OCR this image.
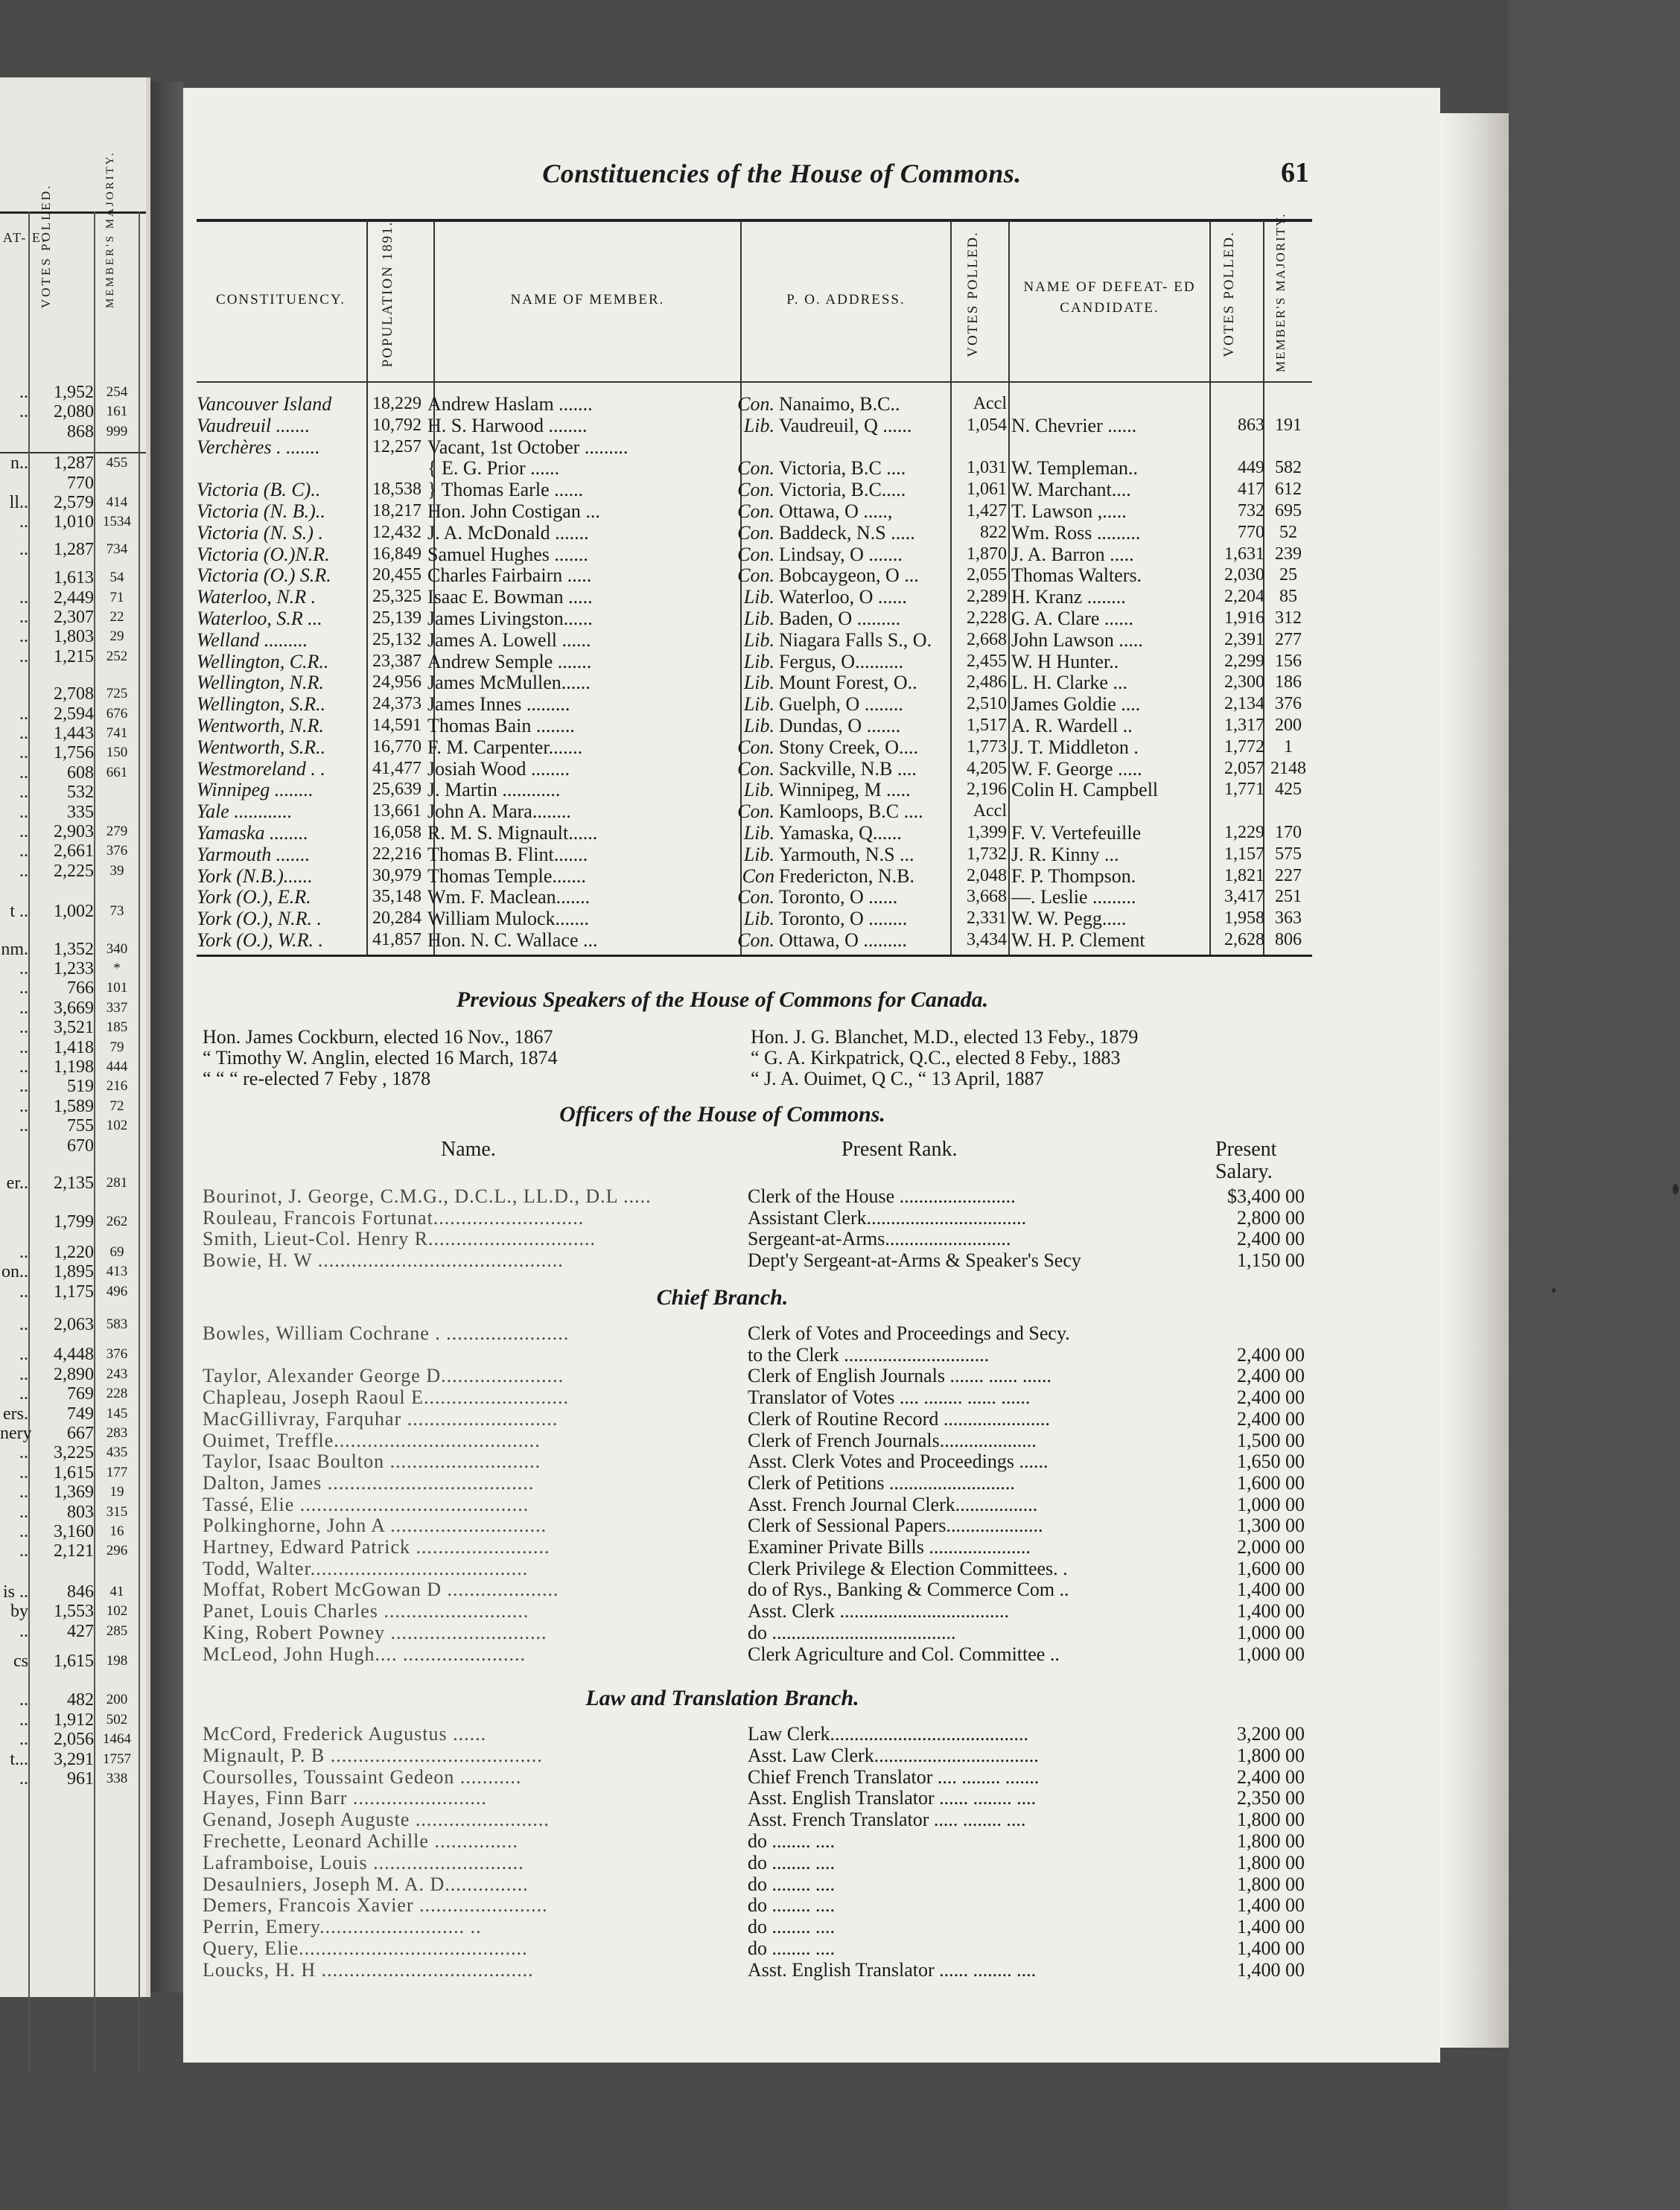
AT- E.
VOTES POLLED.	MEMBER'S MAJORITY.
..	1,952 254
..	2,080 161
868 999
n..	1,287 455
770
ll..	2,579 414
..	1,010 1534
..	1,287 734
1,613	54
..	2,449	71
..	2,307	22
..	1,803	29
..	1,215 252
2,708 725
..	2,594 676
..	1,443 741
..	1,756 150
..	608 661
..	532
..	335
..	2,903 279
..	2,661 376
..	2,225	39
t ..	1,002	73
nm.	1,352 340
..	1,233	*
..	766 101
..	3,669 337
..	3,521 185
..	1,418	79
..	1,198 444
..	519 216
..	1,589	72
..	755 102
670
er..	2,135 281
1,799 262
..	1,220	69
on..	1,895 413
..	1,175 496
..	2,063 583
..	4,448 376
..	2,890 243
..	769 228
ers.	749 145
nery	667 283
..	3,225 435
..	1,615 177
..	1,369	19
..	803 315
..	3,160	16
..	2,121 296
is ..	846	41
by	1,553 102
..	427 285
cs	1,615 198
..	482 200
..	1,912 502
..	2,056 1464
t...	3,291 1757
..	961 338
Constituencies of the House of Commons.	61
CONSTITUENCY.	POPULATION 1891.	NAME OF MEMBER.	P. O. ADDRESS.	VOTES POLLED.	NAME OF DEFEAT- ED CANDIDATE.	VOTES POLLED.	MEMBER'S MAJORITY.
Vancouver Island	18,229 Andrew Haslam .......	Con. Nanaimo, B.C..	Accl
Vaudreuil .......	10,792 H. S. Harwood ........	Lib. Vaudreuil, Q ......	1,054 N. Chevrier ......	863 191
Verchères . .......	12,257 Vacant, 1st October .........
{ E. G. Prior ......	Con. Victoria, B.C ....	1,031 W. Templeman..	449 582
Victoria (B. C)..	18,538 } Thomas Earle ......	Con. Victoria, B.C.....	1,061 W. Marchant....	417 612
Victoria (N. B.)..	18,217 Hon. John Costigan ...	Con. Ottawa, O .....,	1,427 T. Lawson ,.....	732 695
Victoria (N. S.) .	12,432 J. A. McDonald .......	Con. Baddeck, N.S .....	822 Wm. Ross .........	770 52
Victoria (O.)N.R.	16,849 Samuel Hughes .......	Con. Lindsay, O .......	1,870 J. A. Barron .....	1,631 239
Victoria (O.) S.R.	20,455 Charles Fairbairn .....	Con. Bobcaygeon, O ...	2,055 Thomas Walters.	2,030 25
Waterloo, N.R .	25,325 Isaac E. Bowman .....	Lib. Waterloo, O ......	2,289 H. Kranz ........	2,204 85
Waterloo, S.R ...	25,139 James Livingston......	Lib. Baden, O .........	2,228 G. A. Clare ......	1,916 312
Welland .........	25,132 James A. Lowell ......	Lib. Niagara Falls S., O.	2,668 John Lawson .....	2,391 277
Wellington, C.R..	23,387 Andrew Semple .......	Lib. Fergus, O..........	2,455 W. H Hunter..	2,299 156
Wellington, N.R.	24,956 James McMullen......	Lib. Mount Forest, O..	2,486 L. H. Clarke ...	2,300 186
Wellington, S.R..	24,373 James Innes .........	Lib. Guelph, O ........	2,510 James Goldie ....	2,134 376
Wentworth, N.R.	14,591 Thomas Bain ........	Lib. Dundas, O .......	1,517 A. R. Wardell ..	1,317 200
Wentworth, S.R..	16,770 F. M. Carpenter.......	Con. Stony Creek, O....	1,773 J. T. Middleton .	1,772	1
Westmoreland . .	41,477 Josiah Wood ........	Con. Sackville, N.B ....	4,205 W. F. George .....	2,057 2148
Winnipeg ........	25,639 J. Martin ............	Lib. Winnipeg, M .....	2,196 Colin H. Campbell	1,771 425
Yale ............	13,661 John A. Mara........	Con. Kamloops, B.C ....	Accl
Yamaska ........	16,058 R. M. S. Mignault......	Lib. Yamaska, Q......	1,399 F. V. Vertefeuille	1,229 170
Yarmouth .......	22,216 Thomas B. Flint.......	Lib. Yarmouth, N.S ...	1,732 J. R. Kinny ...	1,157 575
York (N.B.)......	30,979 Thomas Temple.......	Con Fredericton, N.B.	2,048 F. P. Thompson.	1,821 227
York (O.), E.R.	35,148 Wm. F. Maclean.......	Con. Toronto, O ......	3,668 —. Leslie .........	3,417 251
York (O.), N.R. .	20,284 William Mulock.......	Lib. Toronto, O ........	2,331 W. W. Pegg.....	1,958 363
York (O.), W.R. .	41,857 Hon. N. C. Wallace ...	Con. Ottawa, O .........	3,434 W. H. P. Clement	2,628 806
Previous Speakers of the House of Commons for Canada.
Hon. James Cockburn, elected 16 Nov., 1867	Hon. J. G. Blanchet, M.D., elected 13 Feby., 1879
“ Timothy W. Anglin, elected 16 March, 1874	“ G. A. Kirkpatrick, Q.C., elected 8 Feby., 1883
“ “ “ re-elected 7 Feby , 1878	“ J. A. Ouimet, Q C., “ 13 April, 1887
Officers of the House of Commons.
Name.	Present Rank.	Present
Salary.
Bourinot, J. George, C.M.G., D.C.L., LL.D., D.L .....	Clerk of the House ........................	$3,400 00
Rouleau, Francois Fortunat...........................	Assistant Clerk.................................	2,800 00
Smith, Lieut-Col. Henry R..............................	Sergeant-at-Arms..........................	2,400 00
Bowie, H. W ............................................	Dept'y Sergeant-at-Arms & Speaker's Secy	1,150 00
Chief Branch.
Bowles, William Cochrane . ......................	Clerk of Votes and Proceedings and Secy.
to the Clerk ..............................	2,400 00
Taylor, Alexander George D......................	Clerk of English Journals ....... ...... ......	2,400 00
Chapleau, Joseph Raoul E..........................	Translator of Votes .... ........ ...... ......	2,400 00
MacGillivray, Farquhar ...........................	Clerk of Routine Record ......................	2,400 00
Ouimet, Treffle.....................................	Clerk of French Journals....................	1,500 00
Taylor, Isaac Boulton ...........................	Asst. Clerk Votes and Proceedings ......	1,650 00
Dalton, James .....................................	Clerk of Petitions ..........................	1,600 00
Tassé, Elie .........................................	Asst. French Journal Clerk.................	1,000 00
Polkinghorne, John A ............................	Clerk of Sessional Papers....................	1,300 00
Hartney, Edward Patrick ........................	Examiner Private Bills .....................	2,000 00
Todd, Walter.......................................	Clerk Privilege & Election Committees. .	1,600 00
Moffat, Robert McGowan D ....................	do of Rys., Banking & Commerce Com ..	1,400 00
Panet, Louis Charles ..........................	Asst. Clerk ...................................	1,400 00
King, Robert Powney ............................	do ......................................	1,000 00
McLeod, John Hugh.... ......................	Clerk Agriculture and Col. Committee ..	1,000 00
Law and Translation Branch.
McCord, Frederick Augustus ......	Law Clerk.........................................	3,200 00
Mignault, P. B ......................................	Asst. Law Clerk..................................	1,800 00
Coursolles, Toussaint Gedeon ...........	Chief French Translator .... ........ .......	2,400 00
Hayes, Finn Barr ........................	Asst. English Translator ...... ........ ....	2,350 00
Genand, Joseph Auguste ........................	Asst. French Translator ..... ........ ....	1,800 00
Frechette, Leonard Achille ...............	do ........ ....	1,800 00
Laframboise, Louis ...........................	do ........ ....	1,800 00
Desaulniers, Joseph M. A. D...............	do ........ ....	1,800 00
Demers, Francois Xavier .......................	do ........ ....	1,400 00
Perrin, Emery.......................... ..	do ........ ....	1,400 00
Query, Elie.........................................	do ........ ....	1,400 00
Loucks, H. H ......................................	Asst. English Translator ...... ........ ....	1,400 00
